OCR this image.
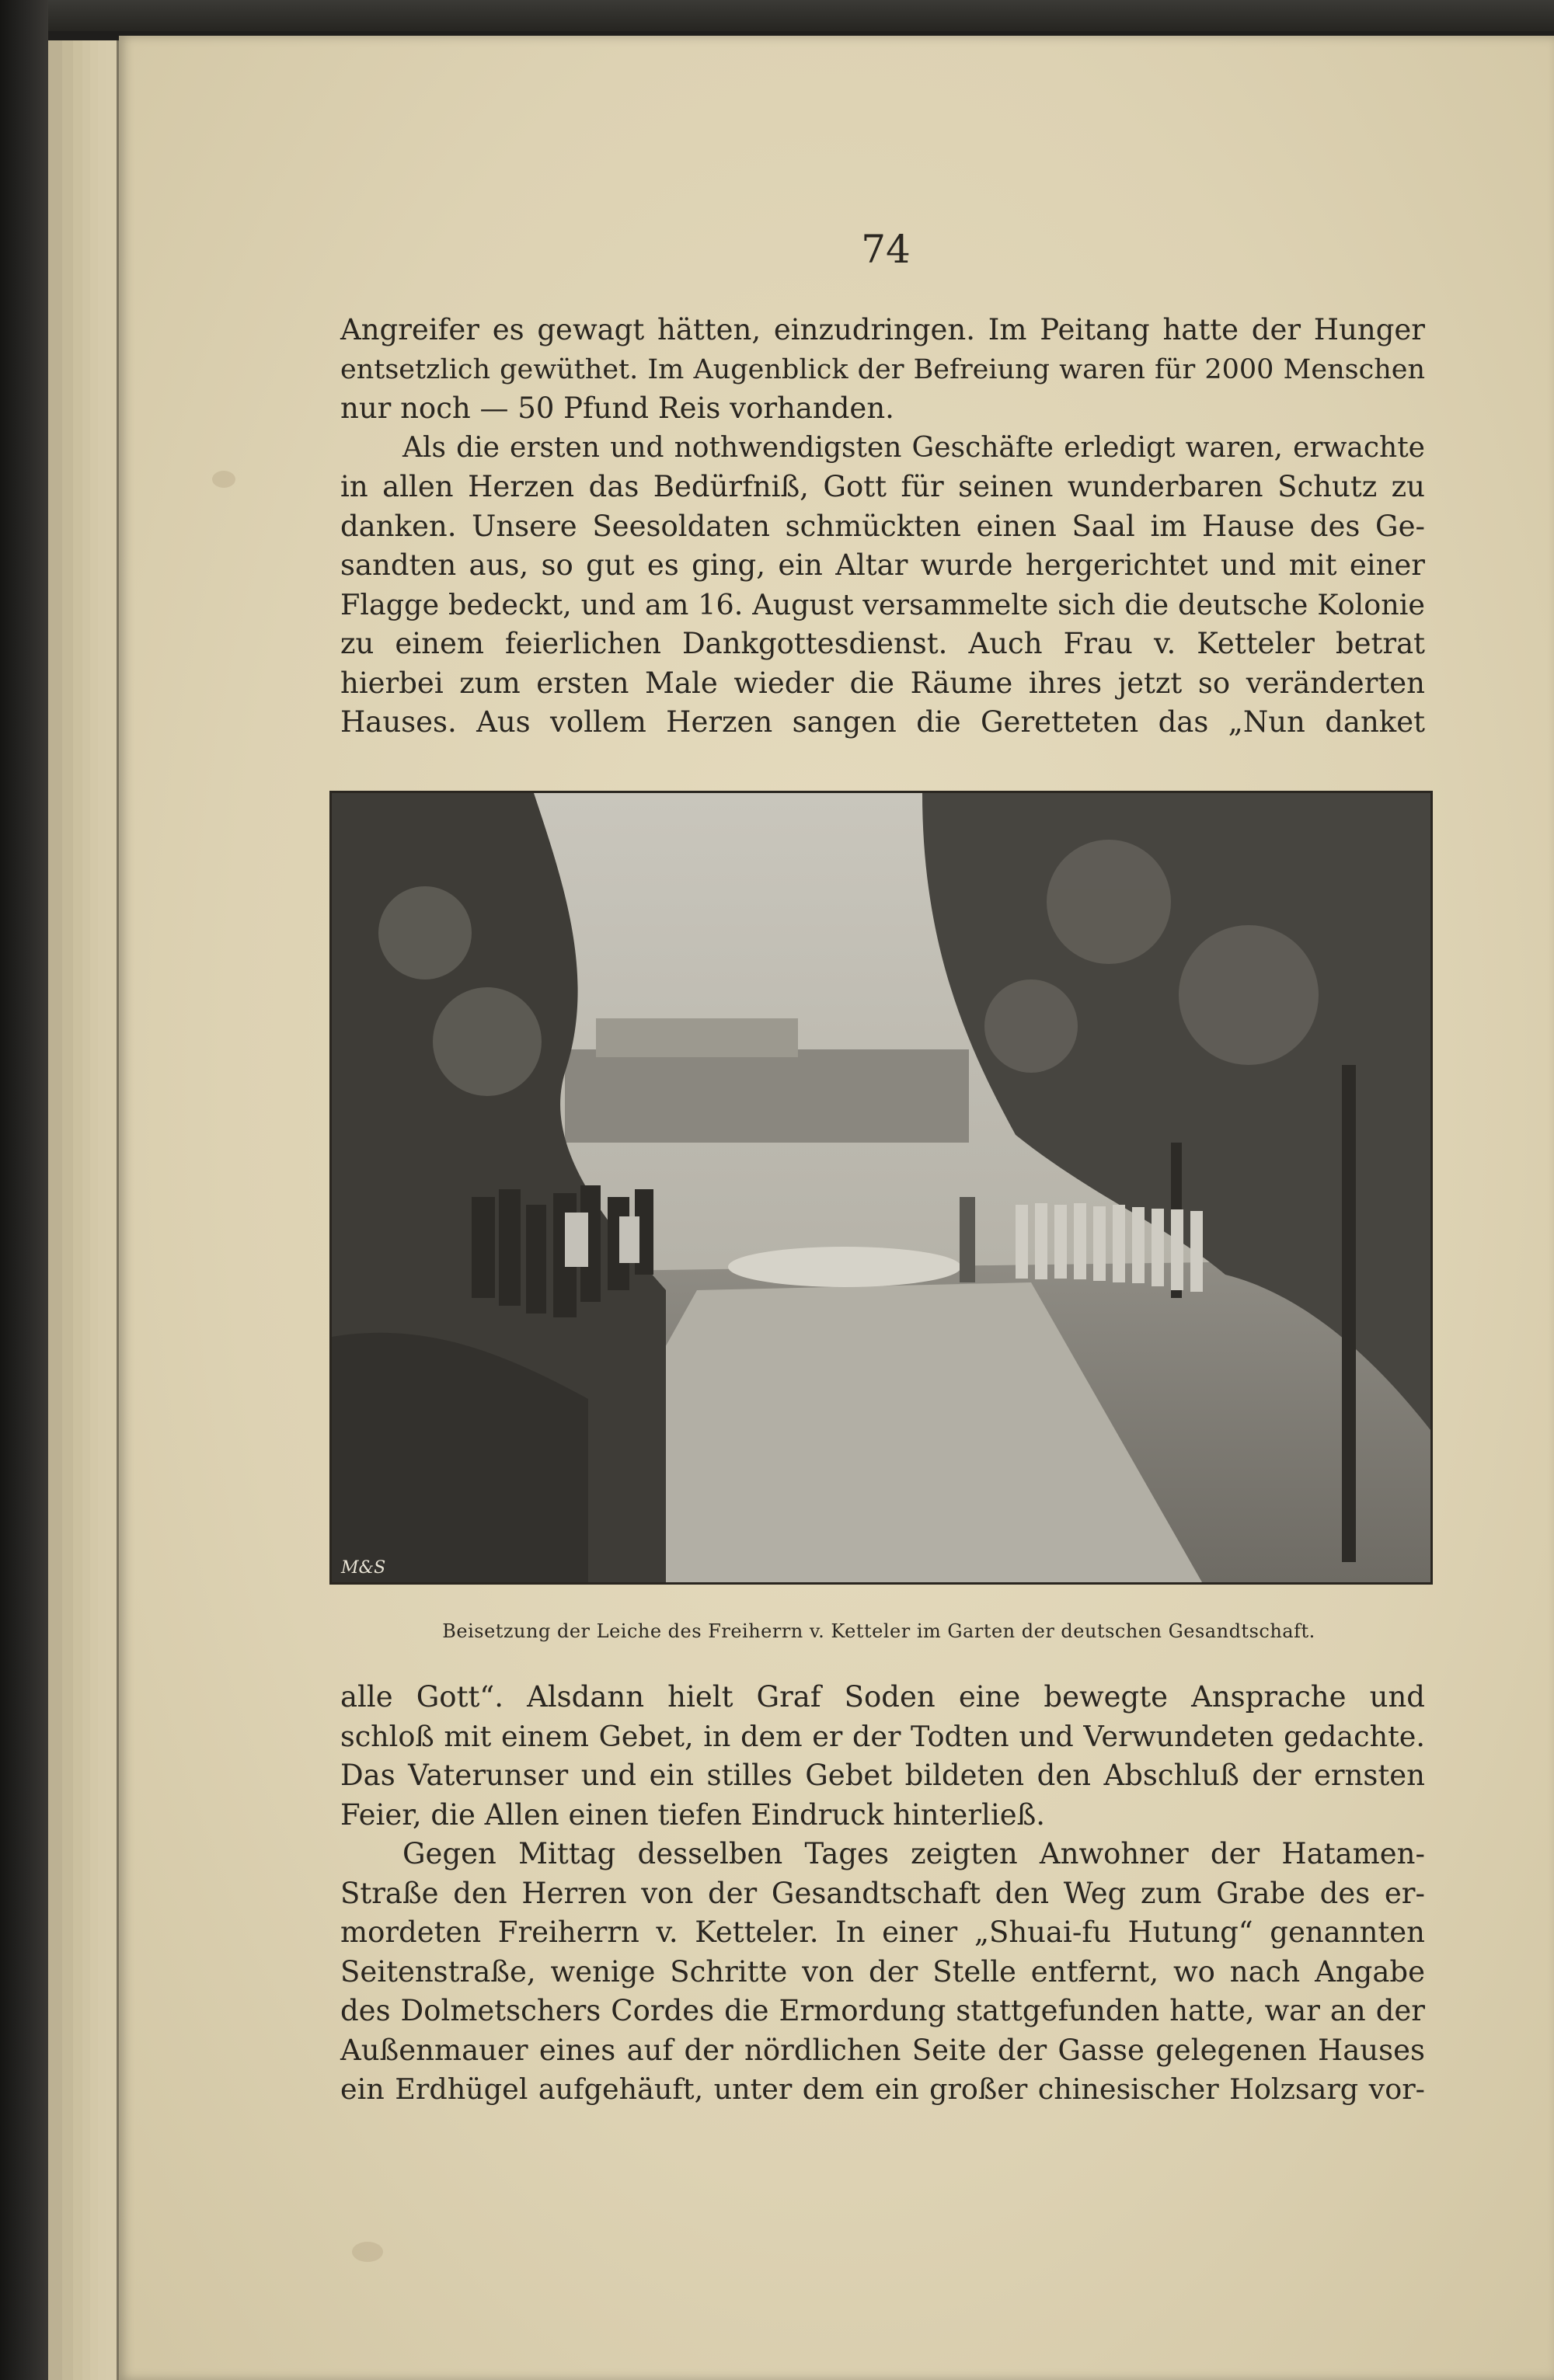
74
Angreifer es gewagt hätten, einzudringen. Im Peitang hatte der Hunger
entsetzlich gewüthet. Im Augenblick der Befreiung waren für 2000 Menschen
nur noch — 50 Pfund Reis vorhanden.
Als die ersten und nothwendigsten Geschäfte erledigt waren, erwachte
in allen Herzen das Bedürfniß, Gott für seinen wunderbaren Schutz zu
danken. Unsere Seesoldaten schmückten einen Saal im Hause des Ge-
sandten aus, so gut es ging, ein Altar wurde hergerichtet und mit einer
Flagge bedeckt, und am 16. August versammelte sich die deutsche Kolonie
zu einem feierlichen Dankgottesdienst. Auch Frau v. Ketteler betrat
hierbei zum ersten Male wieder die Räume ihres jetzt so veränderten
Hauses. Aus vollem Herzen sangen die Geretteten das „Nun danket
M&S
Beisetzung der Leiche des Freiherrn v. Ketteler im Garten der deutschen Gesandtschaft.
alle Gott“. Alsdann hielt Graf Soden eine bewegte Ansprache und
schloß mit einem Gebet, in dem er der Todten und Verwundeten gedachte.
Das Vaterunser und ein stilles Gebet bildeten den Abschluß der ernsten
Feier, die Allen einen tiefen Eindruck hinterließ.
Gegen Mittag desselben Tages zeigten Anwohner der Hatamen-
Straße den Herren von der Gesandtschaft den Weg zum Grabe des er-
mordeten Freiherrn v. Ketteler. In einer „Shuai-fu Hutung“ genannten
Seitenstraße, wenige Schritte von der Stelle entfernt, wo nach Angabe
des Dolmetschers Cordes die Ermordung stattgefunden hatte, war an der
Außenmauer eines auf der nördlichen Seite der Gasse gelegenen Hauses
ein Erdhügel aufgehäuft, unter dem ein großer chinesischer Holzsarg vor-
